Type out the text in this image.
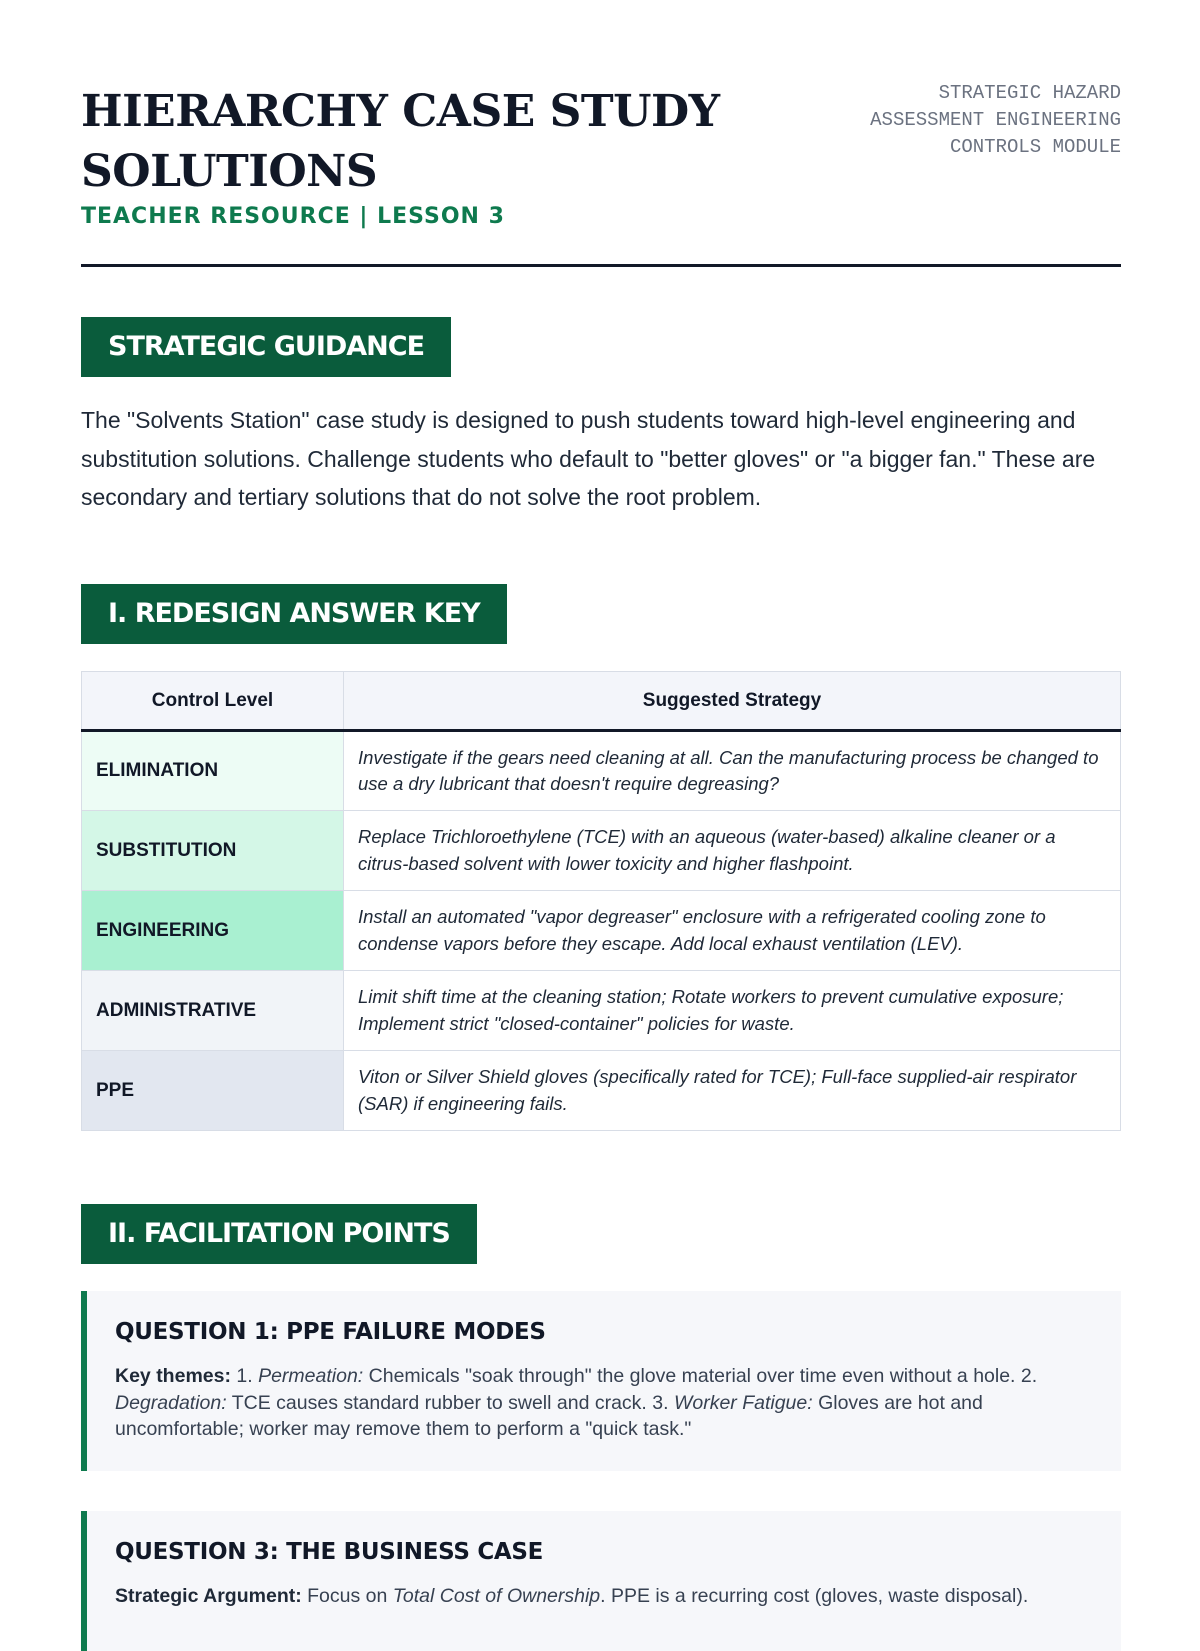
HIERARCHY CASE STUDY SOLUTIONS
TEACHER RESOURCE | LESSON 3
STRATEGIC HAZARD ASSESSMENT ENGINEERING CONTROLS MODULE
STRATEGIC GUIDANCE

The "Solvents Station" case study is designed to push students toward high-level engineering and substitution solutions. Challenge students who default to "better gloves" or "a bigger fan." These are secondary and tertiary solutions that do not solve the root problem.

I. REDESIGN ANSWER KEY
Control Level	Suggested Strategy
ELIMINATION	Investigate if the gears need cleaning at all. Can the manufacturing process be changed to use a dry lubricant that doesn't require degreasing?
SUBSTITUTION	Replace Trichloroethylene (TCE) with an aqueous (water-based) alkaline cleaner or a citrus-based solvent with lower toxicity and higher flashpoint.
ENGINEERING	Install an automated "vapor degreaser" enclosure with a refrigerated cooling zone to condense vapors before they escape. Add local exhaust ventilation (LEV).
ADMINISTRATIVE	Limit shift time at the cleaning station; Rotate workers to prevent cumulative exposure; Implement strict "closed-container" policies for waste.
PPE	Viton or Silver Shield gloves (specifically rated for TCE); Full-face supplied-air respirator (SAR) if engineering fails.
II. FACILITATION POINTS
QUESTION 1: PPE FAILURE MODES

Key themes: 1. Permeation: Chemicals "soak through" the glove material over time even without a hole. 2. Degradation: TCE causes standard rubber to swell and crack. 3. Worker Fatigue: Gloves are hot and uncomfortable; worker may remove them to perform a "quick task."

QUESTION 3: THE BUSINESS CASE

Strategic Argument: Focus on Total Cost of Ownership. PPE is a recurring cost (gloves, waste disposal).
